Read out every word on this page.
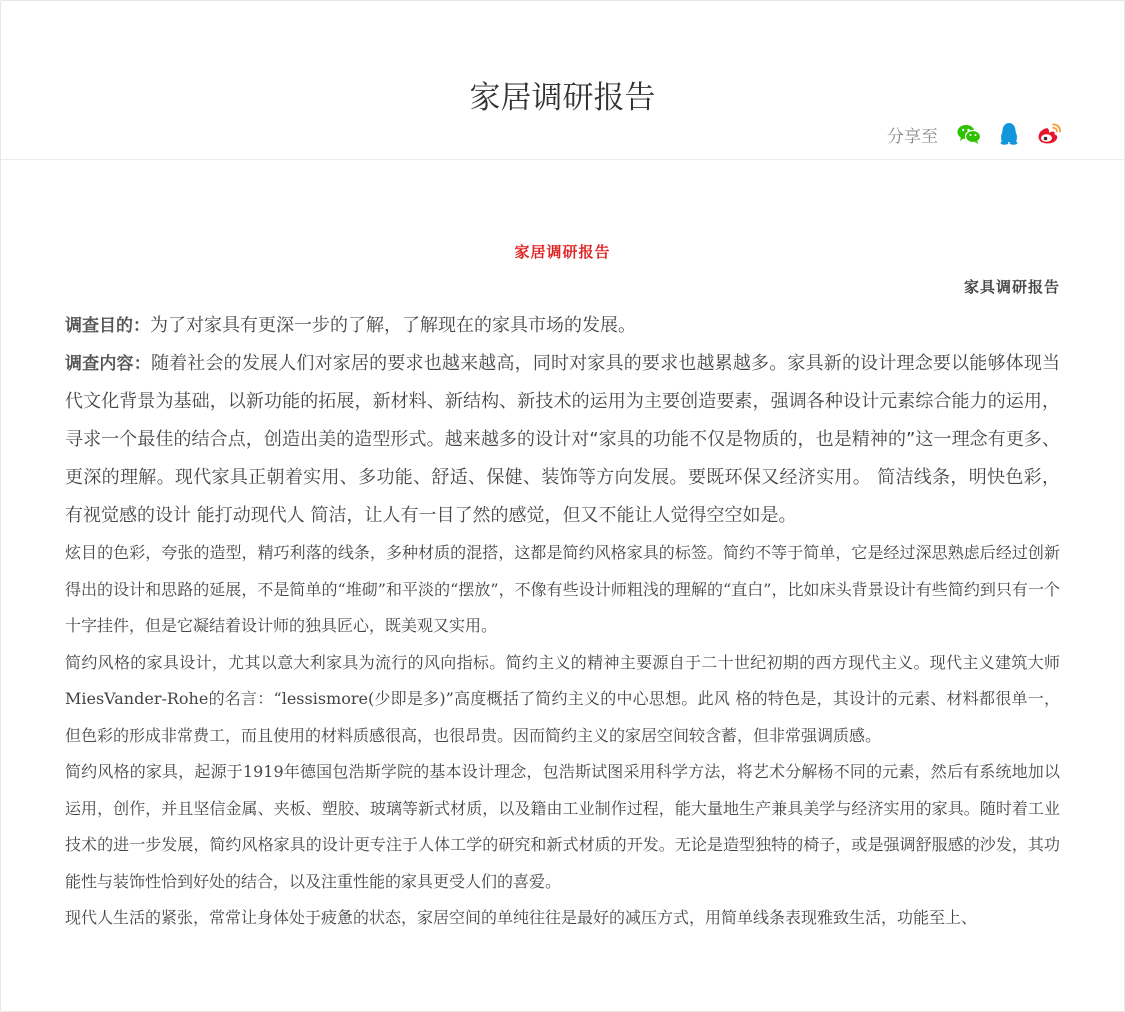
家居调研报告
分享至

家居调研报告

家具调研报告

调查目的：为了对家具有更深一步的了解，了解现在的家具市场的发展。

调查内容：随着社会的发展人们对家居的要求也越来越高，同时对家具的要求也越累越多。家具新的设计理念要以能够体现当代文化背景为基础，以新功能的拓展，新材料、新结构、新技术的运用为主要创造要素，强调各种设计元素综合能力的运用，寻求一个最佳的结合点，创造出美的造型形式。越来越多的设计对“家具的功能不仅是物质的，也是精神的”这一理念有更多、更深的理解。现代家具正朝着实用、多功能、舒适、保健、装饰等方向发展。要既环保又经济实用。 简洁线条，明快色彩，有视觉感的设计 能打动现代人 简洁，让人有一目了然的感觉，但又不能让人觉得空空如是。

炫目的色彩，夸张的造型，精巧利落的线条，多种材质的混搭，这都是简约风格家具的标签。简约不等于简单，它是经过深思熟虑后经过创新得出的设计和思路的延展，不是简单的“堆砌”和平淡的“摆放”，不像有些设计师粗浅的理解的“直白”，比如床头背景设计有些简约到只有一个十字挂件，但是它凝结着设计师的独具匠心，既美观又实用。

简约风格的家具设计，尤其以意大利家具为流行的风向指标。简约主义的精神主要源自于二十世纪初期的西方现代主义。现代主义建筑大师MiesVander-Rohe的名言：“lessismore(少即是多)”高度概括了简约主义的中心思想。此风 格的特色是，其设计的元素、材料都很单一，但色彩的形成非常费工，而且使用的材料质感很高，也很昂贵。因而简约主义的家居空间较含蓄，但非常强调质感。

简约风格的家具，起源于1919年德国包浩斯学院的基本设计理念，包浩斯试图采用科学方法，将艺术分解杨不同的元素，然后有系统地加以运用，创作，并且坚信金属、夹板、塑胶、玻璃等新式材质，以及籍由工业制作过程，能大量地生产兼具美学与经济实用的家具。随时着工业技术的进一步发展，简约风格家具的设计更专注于人体工学的研究和新式材质的开发。无论是造型独特的椅子，或是强调舒服感的沙发，其功能性与装饰性恰到好处的结合，以及注重性能的家具更受人们的喜爱。

现代人生活的紧张，常常让身体处于疲惫的状态，家居空间的单纯往往是最好的减压方式，用简单线条表现雅致生活，功能至上、
